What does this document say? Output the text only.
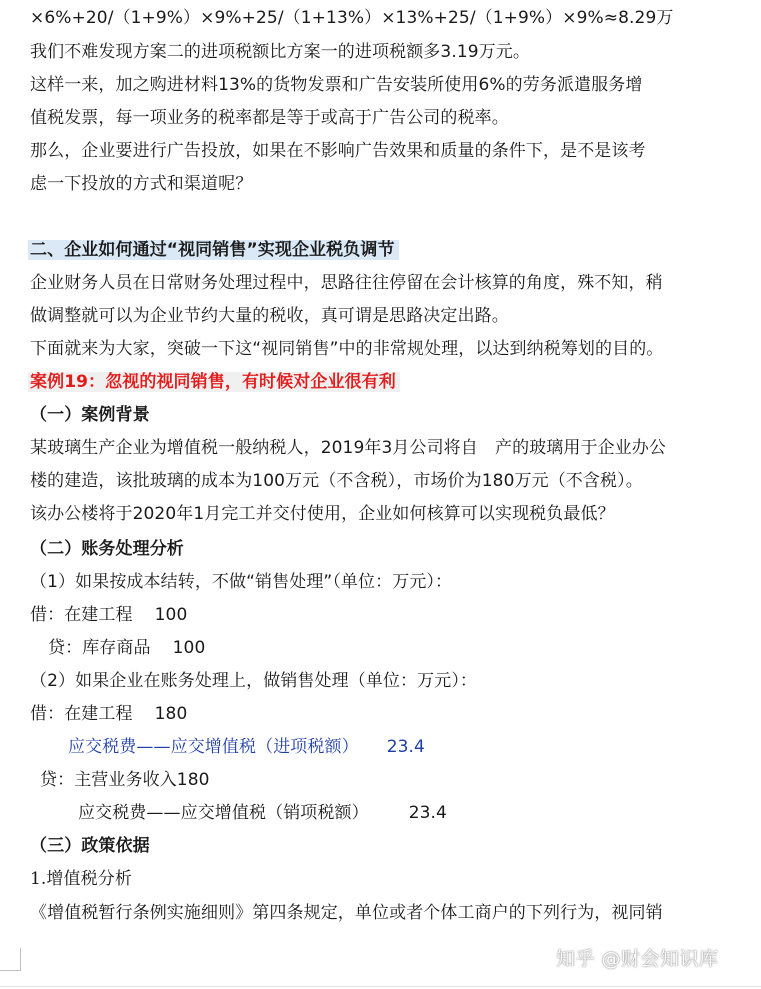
×6%+20/（1+9%）×9%+25/（1+13%）×13%+25/（1+9%）×9%≈8.29万
我们不难发现方案二的进项税额比方案一的进项税额多3.19万元。
这样一来，加之购进材料13%的货物发票和广告安装所使用6%的劳务派遣服务增
值税发票，每一项业务的税率都是等于或高于广告公司的税率。
那么，企业要进行广告投放，如果在不影响广告效果和质量的条件下，是不是该考
虑一下投放的方式和渠道呢？
二、企业如何通过“视同销售”实现企业税负调节
企业财务人员在日常财务处理过程中，思路往往停留在会计核算的角度，殊不知，稍
做调整就可以为企业节约大量的税收，真可谓是思路决定出路。
下面就来为大家，突破一下这“视同销售”中的非常规处理，以达到纳税筹划的目的。
案例19：忽视的视同销售，有时候对企业很有利
（一）案例背景
某玻璃生产企业为增值税一般纳税人，2019年3月公司将自　产的玻璃用于企业办公
楼的建造，该批玻璃的成本为100万元（不含税），市场价为180万元（不含税）。
该办公楼将于2020年1月完工并交付使用，企业如何核算可以实现税负最低？
（二）账务处理分析
（1）如果按成本结转，不做“销售处理”（单位：万元）：
借：在建工程 100
贷：库存商品 100
（2）如果企业在账务处理上，做销售处理（单位：万元）：
借：在建工程 180
应交税费——应交增值税（进项税额） 23.4
贷：主营业务收入180
应交税费——应交增值税（销项税额） 23.4
（三）政策依据
1.增值税分析
《增值税暂行条例实施细则》第四条规定，单位或者个体工商户的下列行为，视同销
知乎 @财会知识库
